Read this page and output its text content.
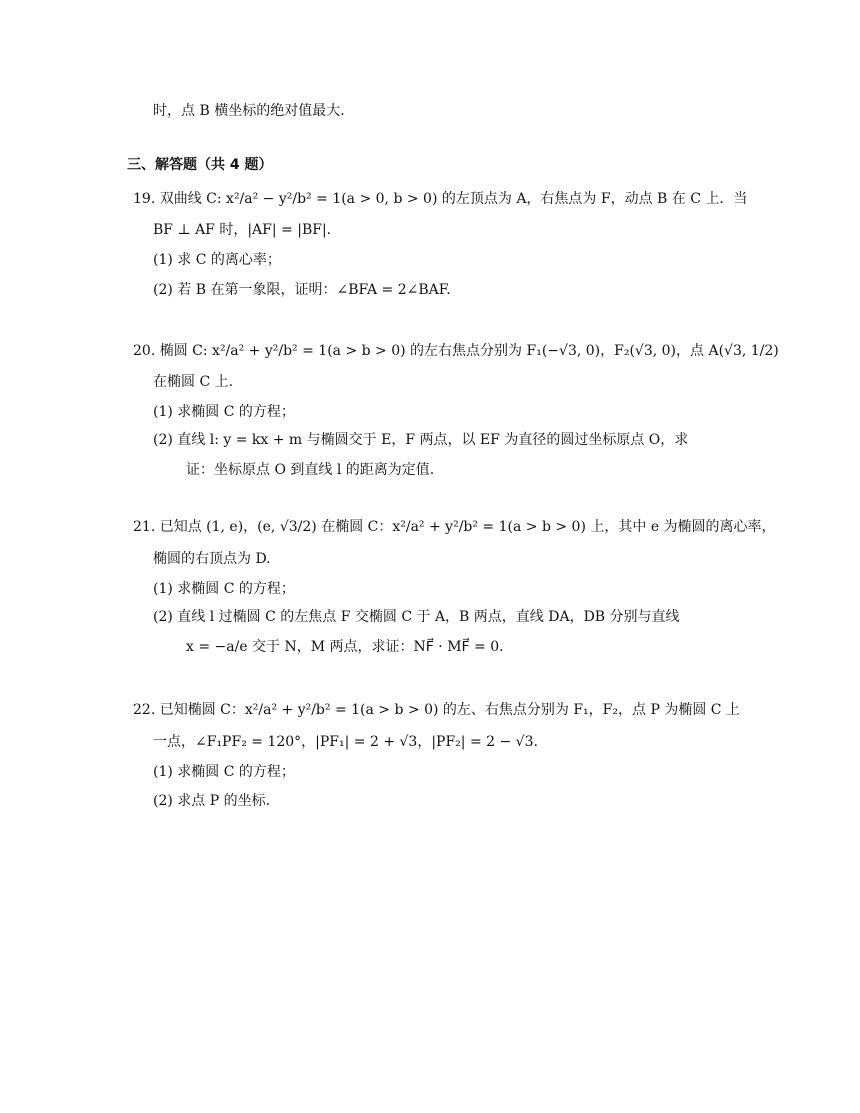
时，点 B 横坐标的绝对值最大.
三、解答题（共 4 题）
19. 双曲线 C: x²/a² − y²/b² = 1(a > 0, b > 0) 的左顶点为 A，右焦点为 F，动点 B 在 C 上．当
BF ⊥ AF 时，|AF| = |BF|.
(1) 求 C 的离心率；
(2) 若 B 在第一象限，证明：∠BFA = 2∠BAF.
20. 椭圆 C: x²/a² + y²/b² = 1(a > b > 0) 的左右焦点分别为 F₁(−√3, 0)，F₂(√3, 0)，点 A(√3, 1/2)
在椭圆 C 上.
(1) 求椭圆 C 的方程；
(2) 直线 l: y = kx + m 与椭圆交于 E，F 两点，以 EF 为直径的圆过坐标原点 O，求
证：坐标原点 O 到直线 l 的距离为定值.
21. 已知点 (1, e)，(e, √3/2) 在椭圆 C：x²/a² + y²/b² = 1(a > b > 0) 上，其中 e 为椭圆的离心率，
椭圆的右顶点为 D.
(1) 求椭圆 C 的方程；
(2) 直线 l 过椭圆 C 的左焦点 F 交椭圆 C 于 A，B 两点，直线 DA，DB 分别与直线
x = −a/e 交于 N，M 两点，求证：NF⃗ · MF⃗ = 0.
22. 已知椭圆 C：x²/a² + y²/b² = 1(a > b > 0) 的左、右焦点分别为 F₁，F₂，点 P 为椭圆 C 上
一点，∠F₁PF₂ = 120°，|PF₁| = 2 + √3，|PF₂| = 2 − √3.
(1) 求椭圆 C 的方程；
(2) 求点 P 的坐标.
